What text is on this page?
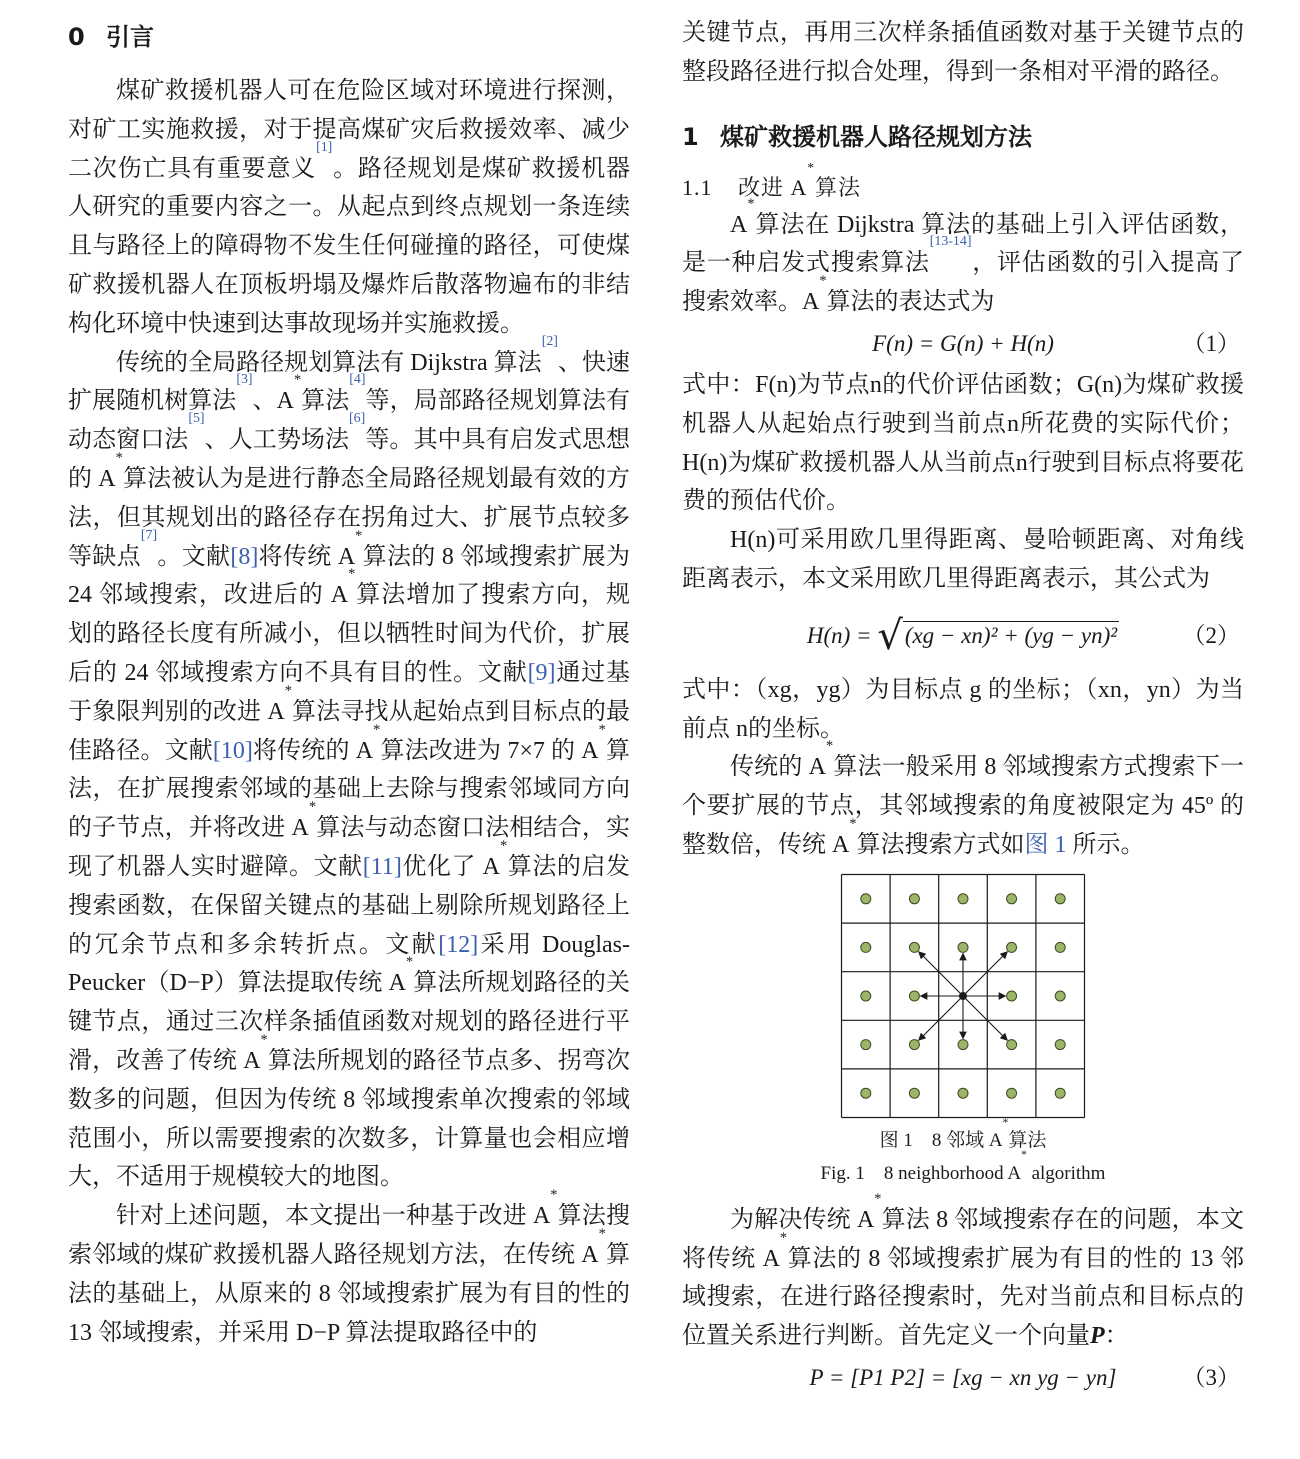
0 引言

煤矿救援机器人可在危险区域对环境进行探测，对矿工实施救援，对于提高煤矿灾后救援效率、减少二次伤亡具有重要意义[1]。路径规划是煤矿救援机器人研究的重要内容之一。从起点到终点规划一条连续且与路径上的障碍物不发生任何碰撞的路径，可使煤矿救援机器人在顶板坍塌及爆炸后散落物遍布的非结构化环境中快速到达事故现场并实施救援。

传统的全局路径规划算法有 Dijkstra 算法[2]、快速扩展随机树算法[3]、A*算法[4]等，局部路径规划算法有动态窗口法[5]、人工势场法[6]等。其中具有启发式思想的 A*算法被认为是进行静态全局路径规划最有效的方法，但其规划出的路径存在拐角过大、扩展节点较多等缺点[7]。文献[8]将传统 A*算法的 8 邻域搜索扩展为 24 邻域搜索，改进后的 A*算法增加了搜索方向，规划的路径长度有所减小，但以牺牲时间为代价，扩展后的 24 邻域搜索方向不具有目的性。文献[9]通过基于象限判别的改进 A*算法寻找从起始点到目标点的最佳路径。文献[10]将传统的 A*算法改进为 7×7 的 A*算法，在扩展搜索邻域的基础上去除与搜索邻域同方向的子节点，并将改进 A*算法与动态窗口法相结合，实现了机器人实时避障。文献[11]优化了 A*算法的启发搜索函数，在保留关键点的基础上剔除所规划路径上的冗余节点和多余转折点。文献[12]采用 Douglas-Peucker（D−P）算法提取传统 A*算法所规划路径的关键节点，通过三次样条插值函数对规划的路径进行平滑，改善了传统 A*算法所规划的路径节点多、拐弯次数多的问题，但因为传统 8 邻域搜索单次搜索的邻域范围小，所以需要搜索的次数多，计算量也会相应增大，不适用于规模较大的地图。

针对上述问题，本文提出一种基于改进 A*算法搜索邻域的煤矿救援机器人路径规划方法，在传统 A*算法的基础上，从原来的 8 邻域搜索扩展为有目的性的 13 邻域搜索，并采用 D−P 算法提取路径中的

关键节点，再用三次样条插值函数对基于关键节点的整段路径进行拟合处理，得到一条相对平滑的路径。

1 煤矿救援机器人路径规划方法
1.1 改进 A*算法

A*算法在 Dijkstra 算法的基础上引入评估函数，是一种启发式搜索算法[13-14]，评估函数的引入提高了搜索效率。A*算法的表达式为

F(n) = G(n) + H(n)	（1）

式中：F(n)为节点n的代价评估函数；G(n)为煤矿救援机器人从起始点行驶到当前点n所花费的实际代价；H(n)为煤矿救援机器人从当前点n行驶到目标点将要花费的预估代价。

H(n)可采用欧几里得距离、曼哈顿距离、对角线距离表示，本文采用欧几里得距离表示，其公式为

H(n) = √(xg − xn)² + (yg − yn)²	（2）

式中：（xg，yg）为目标点 g 的坐标；（xn，yn）为当前点 n的坐标。

传统的 A*算法一般采用 8 邻域搜索方式搜索下一个要扩展的节点，其邻域搜索的角度被限定为 45º 的整数倍，传统 A*算法搜索方式如图 1 所示。

图 1　8 邻域 A*算法
Fig. 1　8 neighborhood A* algorithm

为解决传统 A*算法 8 邻域搜索存在的问题，本文将传统 A*算法的 8 邻域搜索扩展为有目的性的 13 邻域搜索，在进行路径搜索时，先对当前点和目标点的位置关系进行判断。首先定义一个向量P：

P = [P1 P2] = [xg − xn yg − yn]	（3）
